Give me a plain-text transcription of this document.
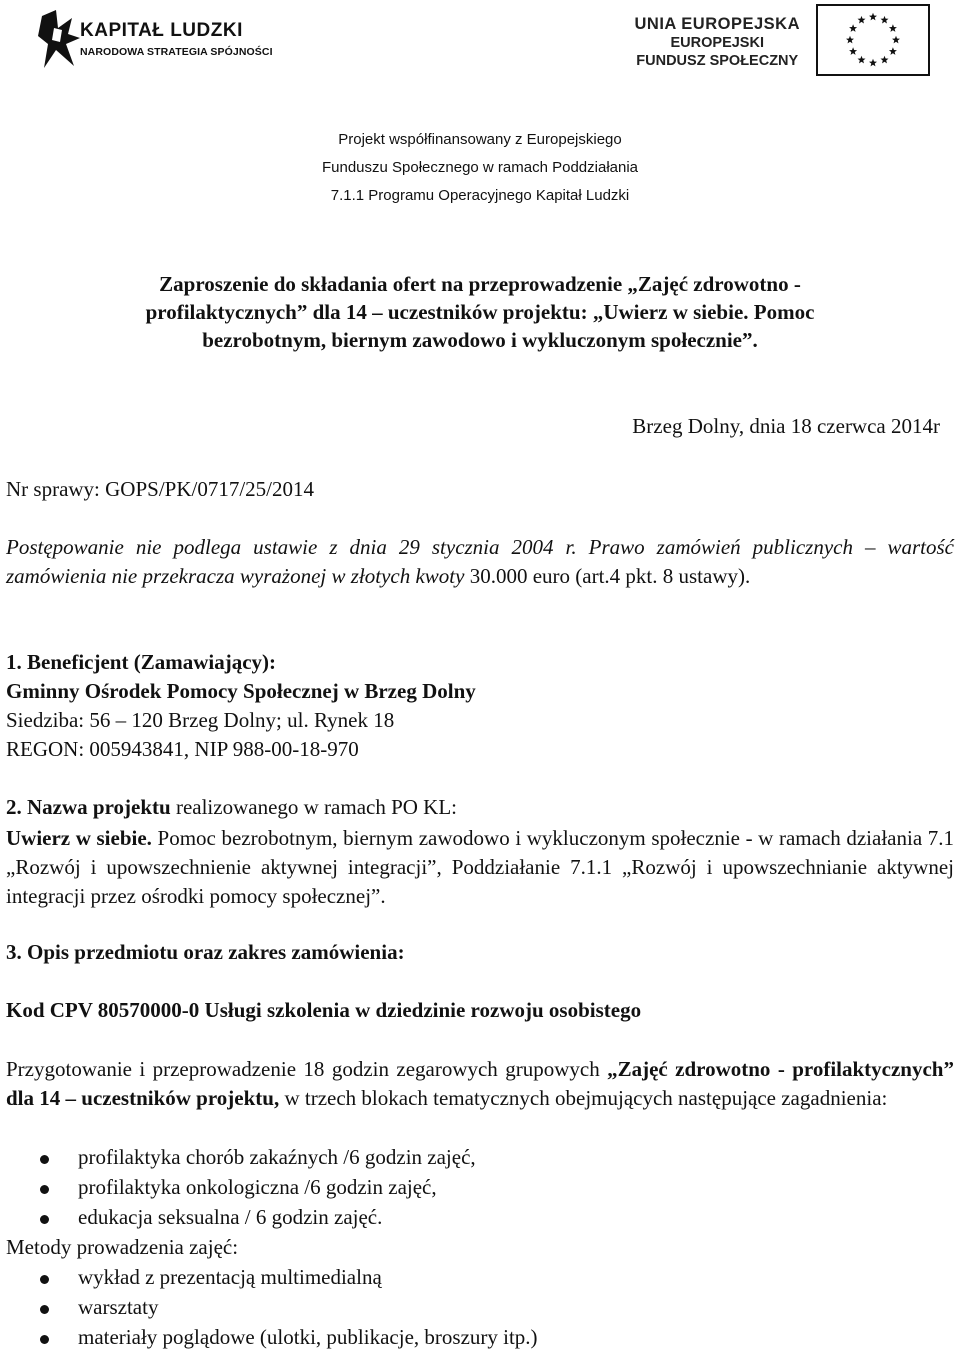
KAPITAŁ LUDZKI
NARODOWA STRATEGIA SPÓJNOŚCI
UNIA EUROPEJSKA
EUROPEJSKI
FUNDUSZ SPOŁECZNY
Projekt współfinansowany z Europejskiego
Funduszu Społecznego w ramach Poddziałania
7.1.1 Programu Operacyjnego Kapitał Ludzki
Zaproszenie do składania ofert na przeprowadzenie „Zajęć zdrowotno -
profilaktycznych” dla 14 – uczestników projektu: „Uwierz w siebie. Pomoc
bezrobotnym, biernym zawodowo i wykluczonym społecznie”.
Brzeg Dolny, dnia 18 czerwca 2014r
Nr sprawy: GOPS/PK/0717/25/2014
Postępowanie nie podlega ustawie z dnia 29 stycznia 2004 r. Prawo zamówień publicznych – wartość zamówienia nie przekracza wyrażonej w złotych kwoty 30.000 euro (art.4 pkt. 8 ustawy).
1. Beneficjent (Zamawiający):
Gminny Ośrodek Pomocy Społecznej w Brzeg Dolny
Siedziba: 56 – 120 Brzeg Dolny; ul. Rynek 18
REGON: 005943841, NIP 988-00-18-970
2. Nazwa projektu realizowanego w ramach PO KL:
Uwierz w siebie. Pomoc bezrobotnym, biernym zawodowo i wykluczonym społecznie - w ramach działania 7.1 „Rozwój i upowszechnienie aktywnej integracji”, Poddziałanie 7.1.1 „Rozwój i upowszechnianie aktywnej integracji przez ośrodki pomocy społecznej”.
3. Opis przedmiotu oraz zakres zamówienia:
Kod CPV 80570000-0 Usługi szkolenia w dziedzinie rozwoju osobistego
Przygotowanie i przeprowadzenie 18 godzin zegarowych grupowych „Zajęć zdrowotno - profilaktycznych” dla 14 – uczestników projektu, w trzech blokach tematycznych obejmujących następujące zagadnienia:
profilaktyka chorób zakaźnych /6 godzin zajęć,
profilaktyka onkologiczna /6 godzin zajęć,
edukacja seksualna / 6 godzin zajęć.
Metody prowadzenia zajęć:
wykład z prezentacją multimedialną
warsztaty
materiały poglądowe (ulotki, publikacje, broszury itp.)
